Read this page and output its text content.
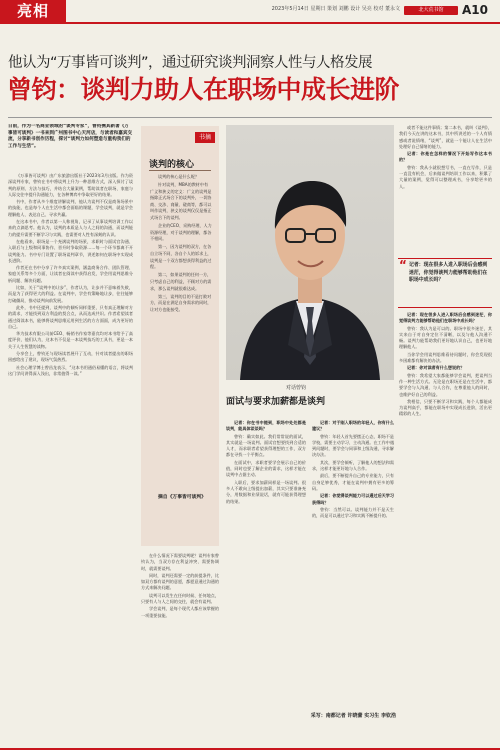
亮相	2023年5月14日 星期日 策划 刘鹏 设计 吴亮 校对 董永文	北大荒书馆	A10
他认为“万事皆可谈判”，通过研究谈判洞察人性与人格发展
曾钧：谈判力助人在职场中成长进阶
日前，作为一名商业领域的“谈判专家”，曾钧携其新著《万事皆可谈判》一书来到广州图书中心天河店，与读者和嘉宾交流，分享新书创作历程，探讨“谈判力如何塑造与重构我们的工作与生活”。

《万事皆可谈判》由广东旅游出版社于2023年3月出版。作为资深谈判专家，曾钧在书中将谈判上升为一种思维方式，深入探讨了谈判的原则、方法与技巧，并结合大量案例，帮助读者在职场、家庭与人际交往中提升沟通能力，在各种博弈中争取更好的结果。

书中，作者从多个维度讲解谈判，他认为谈判不仅是商务场景中的技能，也是每个人在生活中都会面临的课题，学会谈判，就是学会理解他人、表达自己、寻求共赢。

在这本书中，作者以第一人称视角，记录了从事谈判培训工作以来的点滴思考。他认为，谈判的本质是人与人之间的沟通，而谈判能力的提升需要不断学习与实践，也需要对人性有深刻的认识。

在他看来，职场是一个充满谈判的场景，求职时与面试官沟通、入职后与上级和同事协作、晋升时争取资源……每一个环节都离不开谈判能力。书中专门设置了职场谈判章节，讲述如何在职场中实现成长进阶。

作者还在书中分享了许多真实案例，涵盖商务合作、团队管理、家庭关系等多个方面，让读者在阅读中获得启发，学会用谈判思维分析问题、解决问题。

比如，关于“谈判中的让步”，作者认为，让步并不意味着失败，而是为了获得更大的利益。在谈判中，学会有策略地让步，往往能够打破僵局，推动谈判向前发展。

此外，书中还提到，谈判中的倾听同样重要，只有真正理解对方的需求，才能找到双方利益的契合点，从而达成共识。作者希望读者通过阅读本书，能够将谈判思维运用到生活的方方面面，成为更好的自己。

华为技术有限公司前CEO、畅销书作家等嘉宾均对本书给予了高度评价，他们认为，这本书不仅是一本谈判技巧的工具书，更是一本关于人生智慧的读物。

分享会上，曾钧还与现场读者展开了互动，针对读者提出的职场困惑给出了建议，现场气氛热烈。

社会心理学博士曾昌龙表示，“这本书用通俗易懂的语言，将谈判这门学问讲得深入浅出，非常值得一读。”

书摘
谈判的核心

谈判的核心是什么呢？

针对谈判，MBA的教材中有广义和狭义的定义：广义的谈判是指除正式场合下的谈判外，一切协商、交涉、商量、磋商等，都可以叫作谈判，狭义的谈判仅仅是指正式场合下的谈判。

企业的CEO、采购经理、人力资源经理，对于谈判的理解，都各不相同。

第一，因为谈判的双方，在各自立场不同，各自个人的诉求上，谈判是一个双方都想获得利益的过程。

第二，如果谈判的任何一方，只考虑自己的利益，不顾对方的需求，那么谈判就很难达成。

第三，谈判的目的不是打败对方，而是在满足自身需求的同时，让对方也能接受。

摘自《万事皆可谈判》

在什么情况下需要谈判呢？谈判专家曾钧认为，当双方存在利益冲突、需要协调时，就需要谈判。

同时，谈判还需要一定的前提条件，比如双方都有谈判的意愿，都愿意通过沟通的方式来解决问题。

谈判可以发生在任何时候、任何地点，只要有人与人之间的交往，就会有谈判。

学会谈判，是每个现代人都应该掌握的一项重要技能。

对话曾钧

或者不能这件事情；第二本书，就叫《谈判》，我们今天在讲的这本书，其中所讲述的一个人有情感或者说情绪，“谈判”，就是一个能让人在生活中处理好自己情绪的能力。

记者：你是在怎样的情况下开始写作这本书的？

曾钧：我从小就很想写书，一直在写作，只是一直没有机会，后来做谈判培训工作以来，积累了大量的案例，觉得可以整理成书，分享给更多的人。

“ 记者：现在很多人进入职场后会感到迷茫，你觉得谈判力能够帮助他们在职场中成长吗？
面试与要求加薪都是谈判

记者：你在书中提到，职场中处处都是谈判，能具体谈谈吗？

曾钧：确实如此。我们常常说的面试，其实就是一场谈判。面试官想要找到合适的人才，而求职者希望获得理想的工作，双方都在寻找一个平衡点。

在面试中，求职者要学会展示自己的价值，同时也要了解企业的需求，这样才能在谈判中占据主动。

入职后，要求加薪同样是一场谈判。很多人不敢向上级提出加薪，其实只要准备充分，用数据和业绩说话，就有可能获得理想的结果。

记者：对于刚入职场的年轻人，你有什么建议？

曾钧：年轻人首先要摆正心态，职场不是学校，需要主动学习、主动沟通。在工作中遇到问题时，要学会与同事和上级沟通，寻求解决办法。

其次，要学会倾听，了解他人的想法和需求，这样才能更好地与人合作。

最后，要不断提升自己的专业能力，只有自身足够优秀，才能在谈判中拥有更多的筹码。

记者：你觉得谈判能力可以通过后天学习获得吗？

曾钧：当然可以。谈判能力并不是天生的，而是可以通过学习和实践不断提升的。

记者：现在很多人进入职场后会感到迷茫，你觉得谈判力能够帮助他们在职场中成长吗？

曾钧：我认为是可以的。职场中很多迷茫，其实来自于对自身定位不清晰，以及与他人沟通不畅。谈判力能帮助我们更好地认识自己，也更好地理解他人。

当你学会用谈判思维看待问题时，你会发现很多困难都有解决的办法。

记者：你对读者有什么想说的？

曾钧：我希望大家都能够学会谈判，把谈判当作一种生活方式。无论是在职场还是在生活中，都要学会与人沟通、与人合作，在尊重他人的同时，也维护好自己的利益。

我相信，只要不断学习和实践，每个人都能成为谈判高手，都能在职场中实现成长进阶，活出更精彩的人生。

采写：南都记者 许晓蕾 实习生 李钦浩
